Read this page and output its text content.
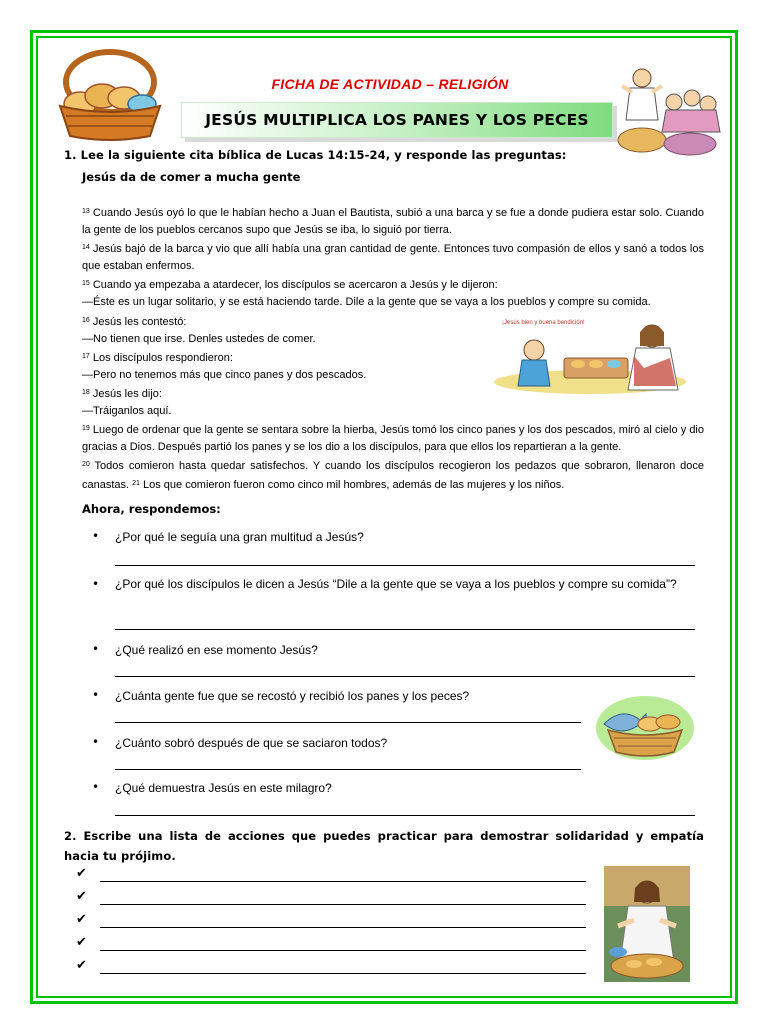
FICHA DE ACTIVIDAD – RELIGIÓN
JESÚS MULTIPLICA LOS PANES Y LOS PECES
1. Lee la siguiente cita bíblica de Lucas 14:15-24, y responde las preguntas:
Jesús da de comer a mucha gente

$^{13}$ Cuando Jesús oyó lo que le habían hecho a Juan el Bautista, subió a una barca y se fue a donde pudiera estar solo. Cuando la gente de los pueblos cercanos supo que Jesús se iba, lo siguió por tierra.

$^{14}$ Jesús bajó de la barca y vio que allí había una gran cantidad de gente. Entonces tuvo compasión de ellos y sanó a todos los que estaban enfermos.

$^{15}$ Cuando ya empezaba a atardecer, los discípulos se acercaron a Jesús y le dijeron:

—Éste es un lugar solitario, y se está haciendo tarde. Dile a la gente que se vaya a los pueblos y compre su comida.

$^{16}$ Jesús les contestó:

—No tienen que irse. Denles ustedes de comer.

$^{17}$ Los discípulos respondieron:

—Pero no tenemos más que cinco panes y dos pescados.

$^{18}$ Jesús les dijo:

—Tráiganlos aquí.

$^{19}$ Luego de ordenar que la gente se sentara sobre la hierba, Jesús tomó los cinco panes y los dos pescados, miró al cielo y dio gracias a Dios. Después partió los panes y se los dio a los discípulos, para que ellos los repartieran a la gente.

$^{20}$ Todos comieron hasta quedar satisfechos. Y cuando los discípulos recogieron los pedazos que sobraron, llenaron doce canastas. $^{21}$ Los que comieron fueron como cinco mil hombres, además de las mujeres y los niños.

¡Jesús bien y buena bendición!
Ahora, respondemos:
• ¿Por qué le seguía una gran multitud a Jesús?
• ¿Por qué los discípulos le dicen a Jesús “Dile a la gente que se vaya a los pueblos y compre su comida”?
• ¿Qué realizó en ese momento Jesús?
• ¿Cuánta gente fue que se recostó y recibió los panes y los peces?
• ¿Cuánto sobró después de que se saciaron todos?
• ¿Qué demuestra Jesús en este milagro?
2. Escribe una lista de acciones que puedes practicar para demostrar solidaridad y empatía hacia tu prójimo.
✔
✔
✔
✔
✔
